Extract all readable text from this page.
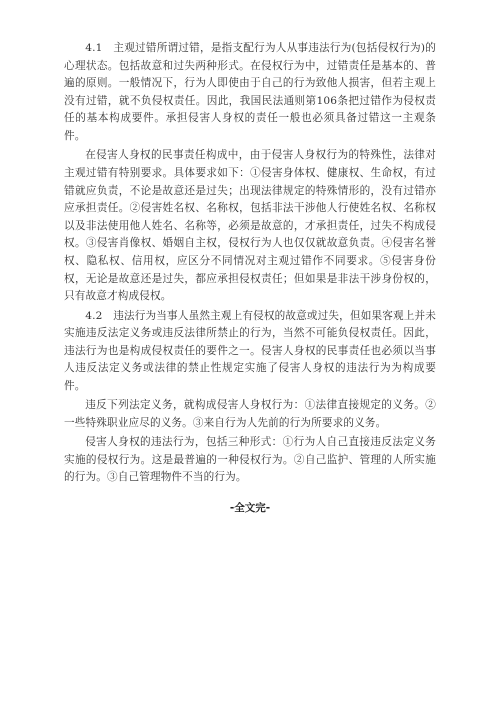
4.1　主观过错所谓过错，是指支配行为人从事违法行为(包括侵权行为)的心理状态。包括故意和过失两种形式。在侵权行为中，过错责任是基本的、普遍的原则。一般情况下，行为人即使由于自己的行为致他人损害，但若主观上没有过错，就不负侵权责任。因此，我国民法通则第106条把过错作为侵权责任的基本构成要件。承担侵害人身权的责任一般也必须具备过错这一主观条件。

在侵害人身权的民事责任构成中，由于侵害人身权行为的特殊性，法律对主观过错有特别要求。具体要求如下：①侵害身体权、健康权、生命权，有过错就应负责，不论是故意还是过失；出现法律规定的特殊情形的，没有过错亦应承担责任。②侵害姓名权、名称权，包括非法干涉他人行使姓名权、名称权以及非法使用他人姓名、名称等，必须是故意的，才承担责任，过失不构成侵权。③侵害肖像权、婚姻自主权，侵权行为人也仅仅就故意负责。④侵害名誉权、隐私权、信用权，应区分不同情况对主观过错作不同要求。⑤侵害身份权，无论是故意还是过失，都应承担侵权责任；但如果是非法干涉身份权的，只有故意才构成侵权。

4.2　违法行为当事人虽然主观上有侵权的故意或过失，但如果客观上并未实施违反法定义务或违反法律所禁止的行为，当然不可能负侵权责任。因此，违法行为也是构成侵权责任的要件之一。侵害人身权的民事责任也必须以当事人违反法定义务或法律的禁止性规定实施了侵害人身权的违法行为为构成要件。

违反下列法定义务，就构成侵害人身权行为：①法律直接规定的义务。②一些特殊职业应尽的义务。③来自行为人先前的行为所要求的义务。

侵害人身权的违法行为，包括三种形式：①行为人自己直接违反法定义务实施的侵权行为。这是最普遍的一种侵权行为。②自己监护、管理的人所实施的行为。③自己管理物件不当的行为。

-全文完-
